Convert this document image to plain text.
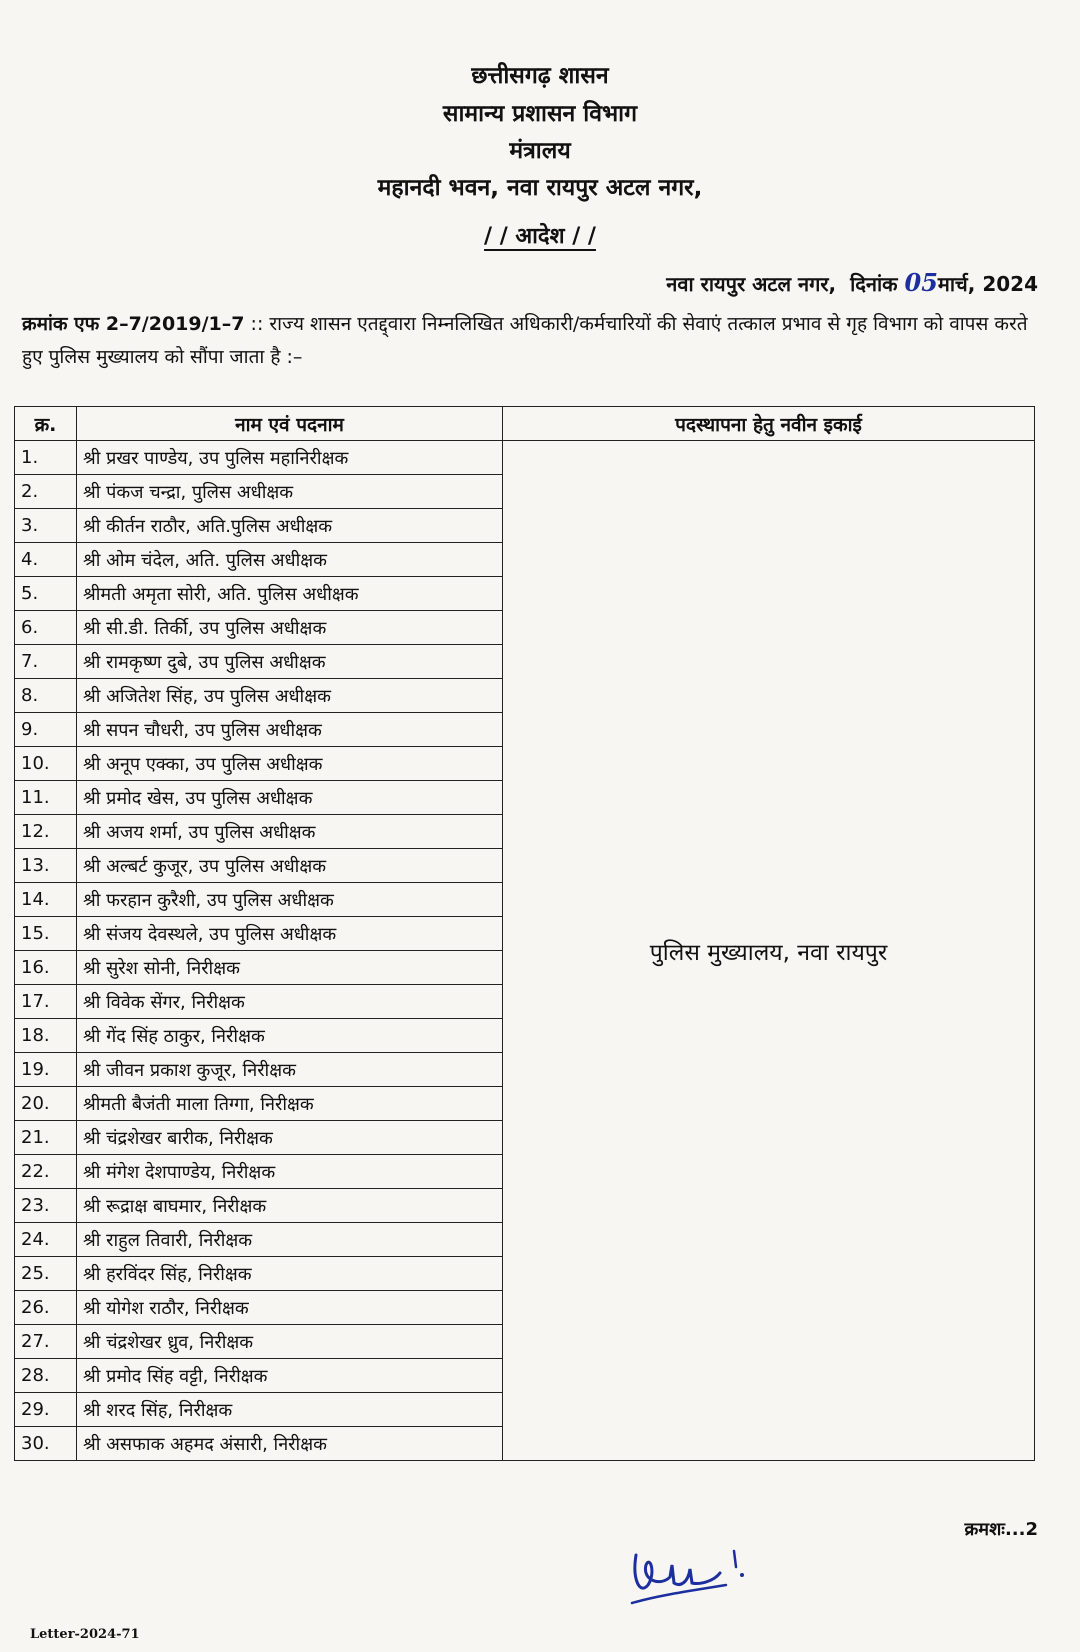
छत्तीसगढ़ शासन
सामान्य प्रशासन विभाग
मंत्रालय
महानदी भवन, नवा रायपुर अटल नगर,
/ / आदेश / /
नवा रायपुर अटल नगर, दिनांक 05मार्च, 2024
क्रमांक एफ 2–7/2019/1–7 :: राज्य शासन एतद्द्वारा निम्नलिखित अधिकारी/कर्मचारियों की सेवाएं तत्काल प्रभाव से गृह विभाग को वापस करते हुए पुलिस मुख्यालय को सौंपा जाता है :–
क्र.	नाम एवं पदनाम	पदस्थापना हेतु नवीन इकाई
1.	श्री प्रखर पाण्डेय, उप पुलिस महानिरीक्षक	पुलिस मुख्यालय, नवा रायपुर
2.	श्री पंकज चन्द्रा, पुलिस अधीक्षक	
3.	श्री कीर्तन राठौर, अति.पुलिस अधीक्षक	
4.	श्री ओम चंदेल, अति. पुलिस अधीक्षक	
5.	श्रीमती अमृता सोरी, अति. पुलिस अधीक्षक	
6.	श्री सी.डी. तिर्की, उप पुलिस अधीक्षक	
7.	श्री रामकृष्ण दुबे, उप पुलिस अधीक्षक	
8.	श्री अजितेश सिंह, उप पुलिस अधीक्षक	
9.	श्री सपन चौधरी, उप पुलिस अधीक्षक	
10.	श्री अनूप एक्का, उप पुलिस अधीक्षक	
11.	श्री प्रमोद खेस, उप पुलिस अधीक्षक	
12.	श्री अजय शर्मा, उप पुलिस अधीक्षक	
13.	श्री अल्बर्ट कुजूर, उप पुलिस अधीक्षक	
14.	श्री फरहान कुरैशी, उप पुलिस अधीक्षक	
15.	श्री संजय देवस्थले, उप पुलिस अधीक्षक	
16.	श्री सुरेश सोनी, निरीक्षक	
17.	श्री विवेक सेंगर, निरीक्षक	
18.	श्री गेंद सिंह ठाकुर, निरीक्षक	
19.	श्री जीवन प्रकाश कुजूर, निरीक्षक	
20.	श्रीमती बैजंती माला तिग्गा, निरीक्षक	
21.	श्री चंद्रशेखर बारीक, निरीक्षक	
22.	श्री मंगेश देशपाण्डेय, निरीक्षक	
23.	श्री रूद्राक्ष बाघमार, निरीक्षक	
24.	श्री राहुल तिवारी, निरीक्षक	
25.	श्री हरविंदर सिंह, निरीक्षक	
26.	श्री योगेश राठौर, निरीक्षक	
27.	श्री चंद्रशेखर ध्रुव, निरीक्षक	
28.	श्री प्रमोद सिंह वट्टी, निरीक्षक	
29.	श्री शरद सिंह, निरीक्षक	
30.	श्री असफाक अहमद अंसारी, निरीक्षक	
क्रमशः...2
Letter-2024-71
